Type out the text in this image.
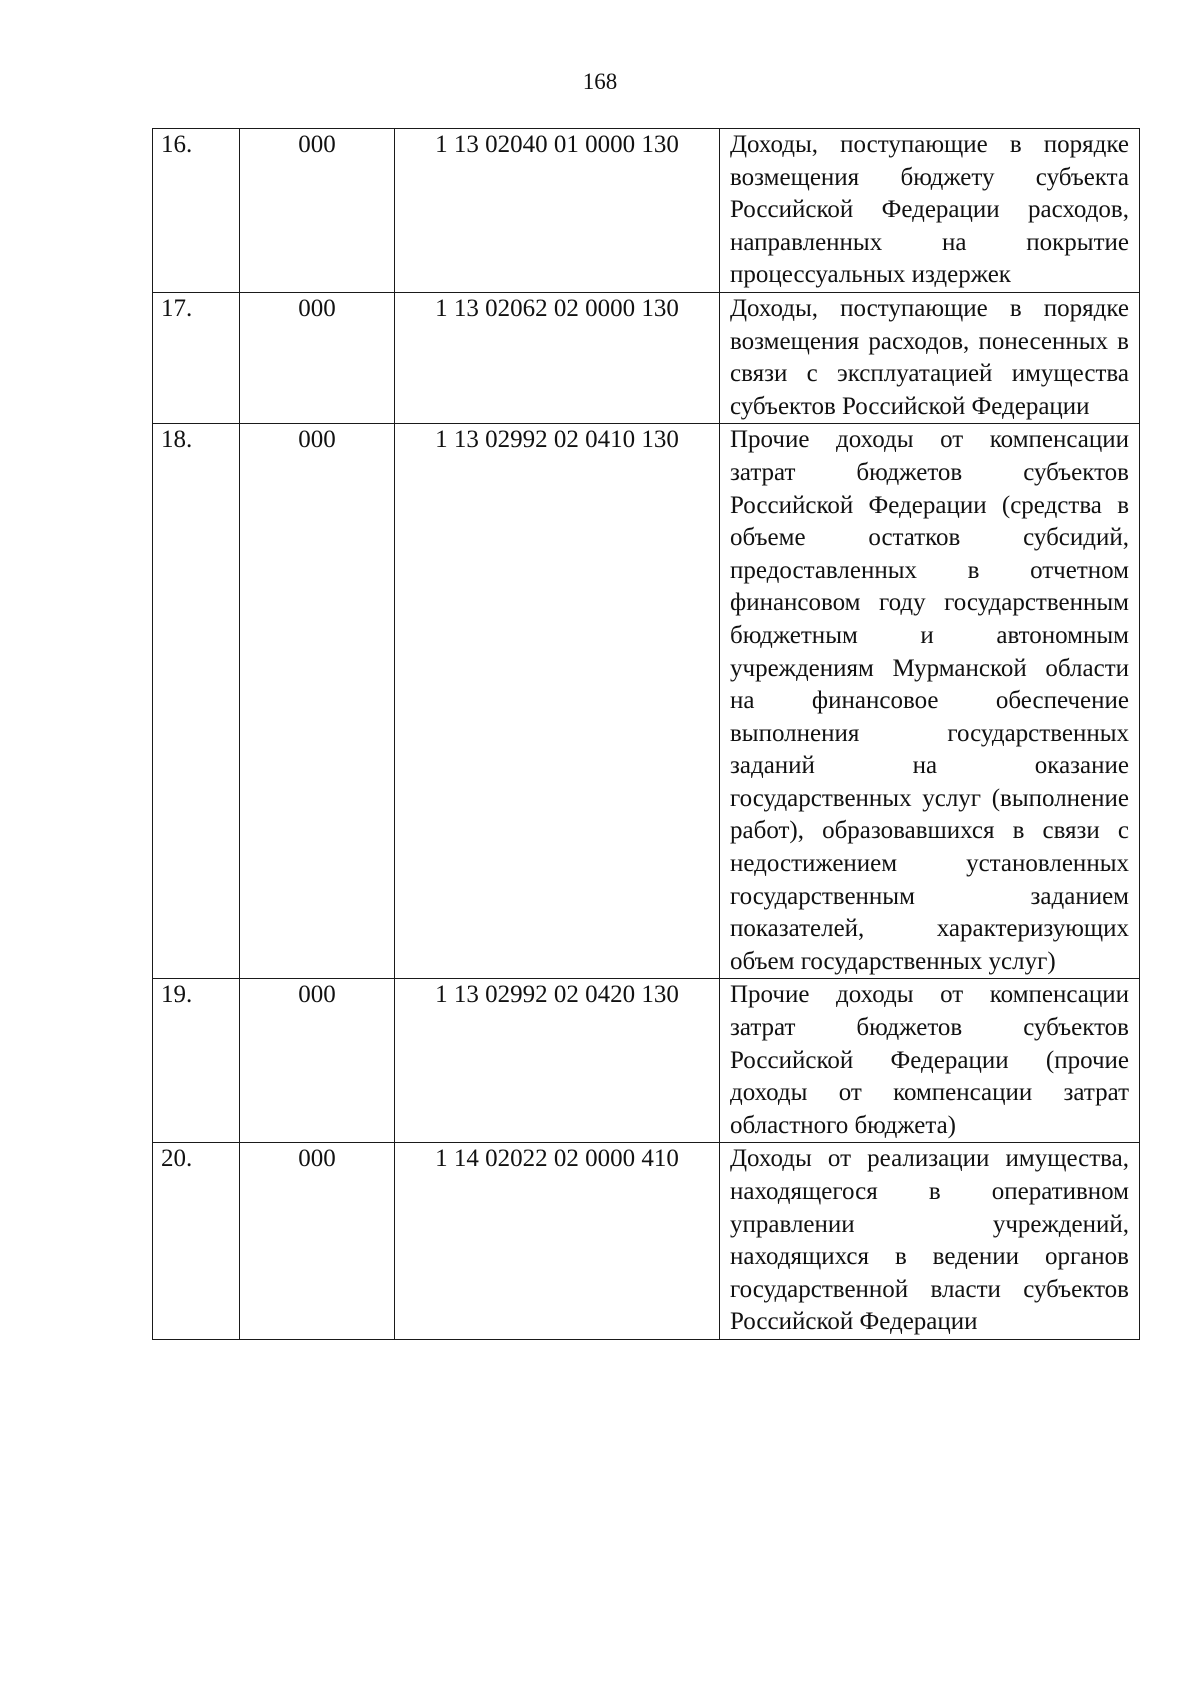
168
16.	000	1 13 02040 01 0000 130	Доходы, поступающие в порядке возмещения бюджету субъекта Российской Федерации расходов, направленных на покрытие процессуальных издержек

17.	000	1 13 02062 02 0000 130	Доходы, поступающие в порядке возмещения расходов, понесенных в связи с эксплуатацией имущества субъектов Российской Федерации

18.	000	1 13 02992 02 0410 130	Прочие доходы от компенсации затрат бюджетов субъектов Российской Федерации (средства в объеме остатков субсидий, предоставленных в отчетном финансовом году государственным бюджетным и автономным учреждениям Мурманской области на финансовое обеспечение выполнения государственных заданий на оказание государственных услуг (выполнение работ), образовавшихся в связи с недостижением установленных государственным заданием показателей, характеризующих объем государственных услуг)

19.	000	1 13 02992 02 0420 130	Прочие доходы от компенсации затрат бюджетов субъектов Российской Федерации (прочие доходы от компенсации затрат областного бюджета)

20.	000	1 14 02022 02 0000 410	Доходы от реализации имущества, находящегося в оперативном управлении учреждений, находящихся в ведении органов государственной власти субъектов Российской Федерации
